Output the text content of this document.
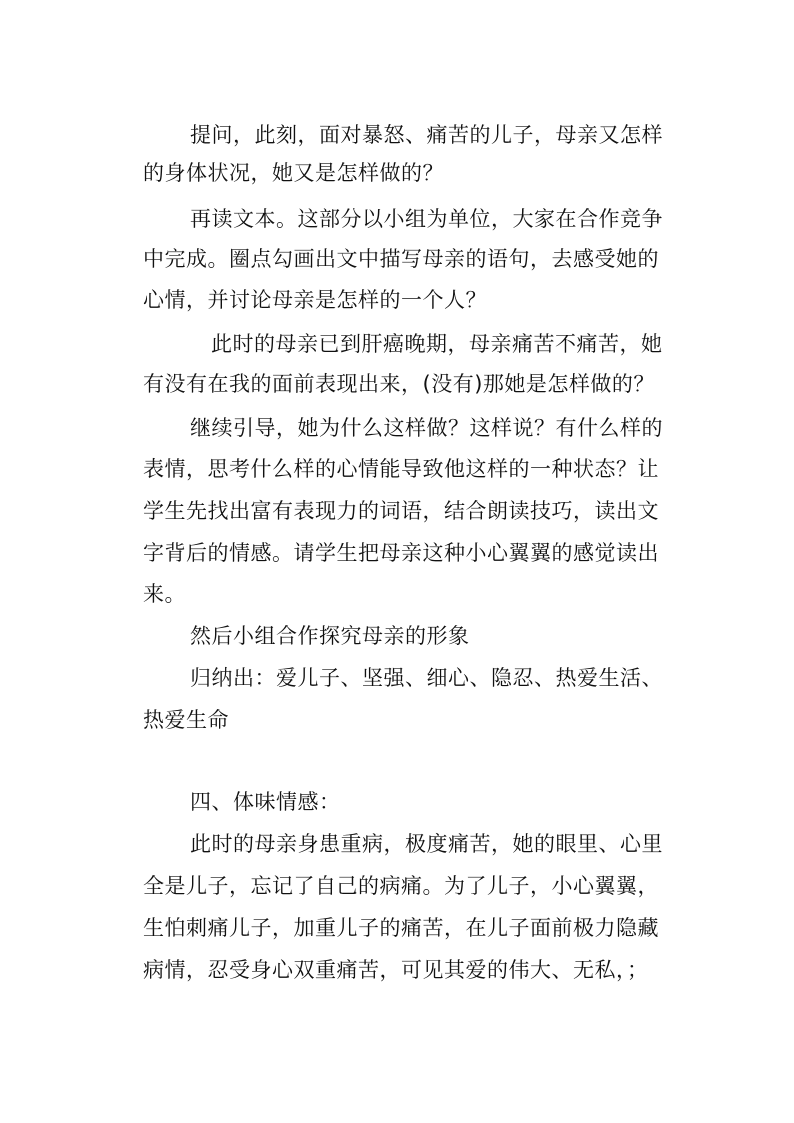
提问，此刻，面对暴怒、痛苦的儿子，母亲又怎样
的身体状况，她又是怎样做的？
再读文本。这部分以小组为单位，大家在合作竞争
中完成。圈点勾画出文中描写母亲的语句，去感受她的
心情，并讨论母亲是怎样的一个人？
此时的母亲已到肝癌晚期，母亲痛苦不痛苦，她
有没有在我的面前表现出来，(没有)那她是怎样做的？
继续引导，她为什么这样做？这样说？有什么样的
表情，思考什么样的心情能导致他这样的一种状态？让
学生先找出富有表现力的词语，结合朗读技巧，读出文
字背后的情感。请学生把母亲这种小心翼翼的感觉读出
来。
然后小组合作探究母亲的形象
归纳出：爱儿子、坚强、细心、隐忍、热爱生活、
热爱生命
四、体味情感：
此时的母亲身患重病，极度痛苦，她的眼里、心里
全是儿子，忘记了自己的病痛。为了儿子，小心翼翼，
生怕刺痛儿子，加重儿子的痛苦，在儿子面前极力隐藏
病情，忍受身心双重痛苦，可见其爱的伟大、无私，；
